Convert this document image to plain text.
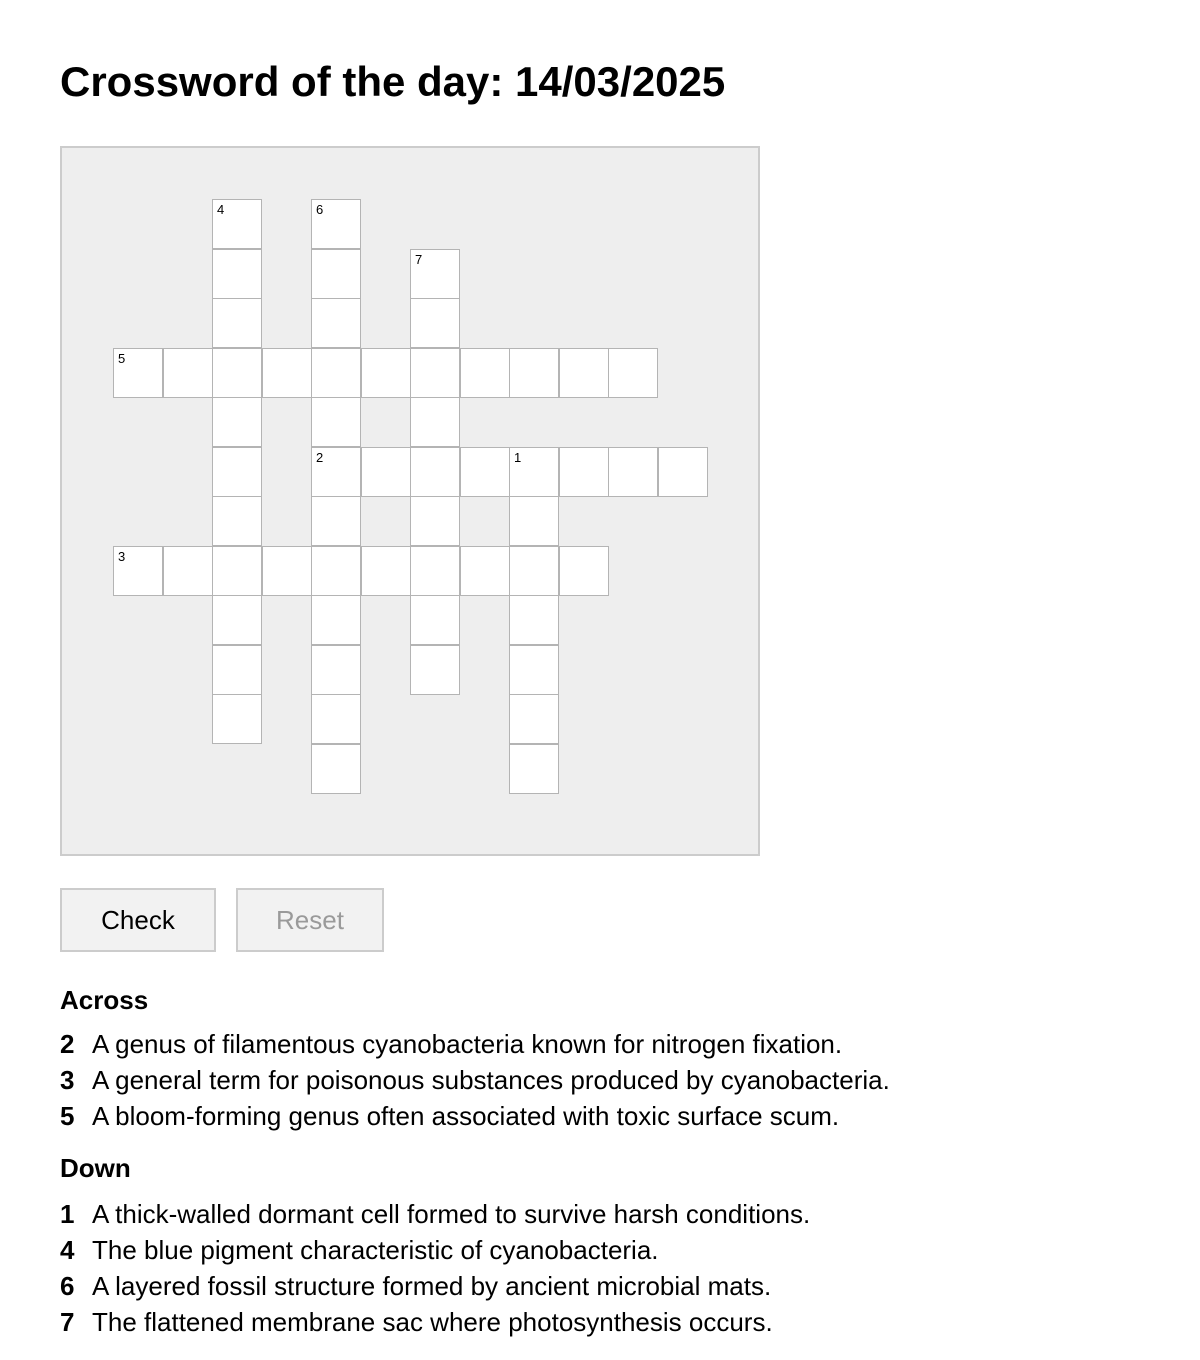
Crossword of the day: 14/03/2025
4	6
7
5
2	1
3
Check	Reset
Across
2 A genus of filamentous cyanobacteria known for nitrogen fixation.
3 A general term for poisonous substances produced by cyanobacteria.
5 A bloom-forming genus often associated with toxic surface scum.
Down
1 A thick-walled dormant cell formed to survive harsh conditions.
4 The blue pigment characteristic of cyanobacteria.
6 A layered fossil structure formed by ancient microbial mats.
7 The flattened membrane sac where photosynthesis occurs.
